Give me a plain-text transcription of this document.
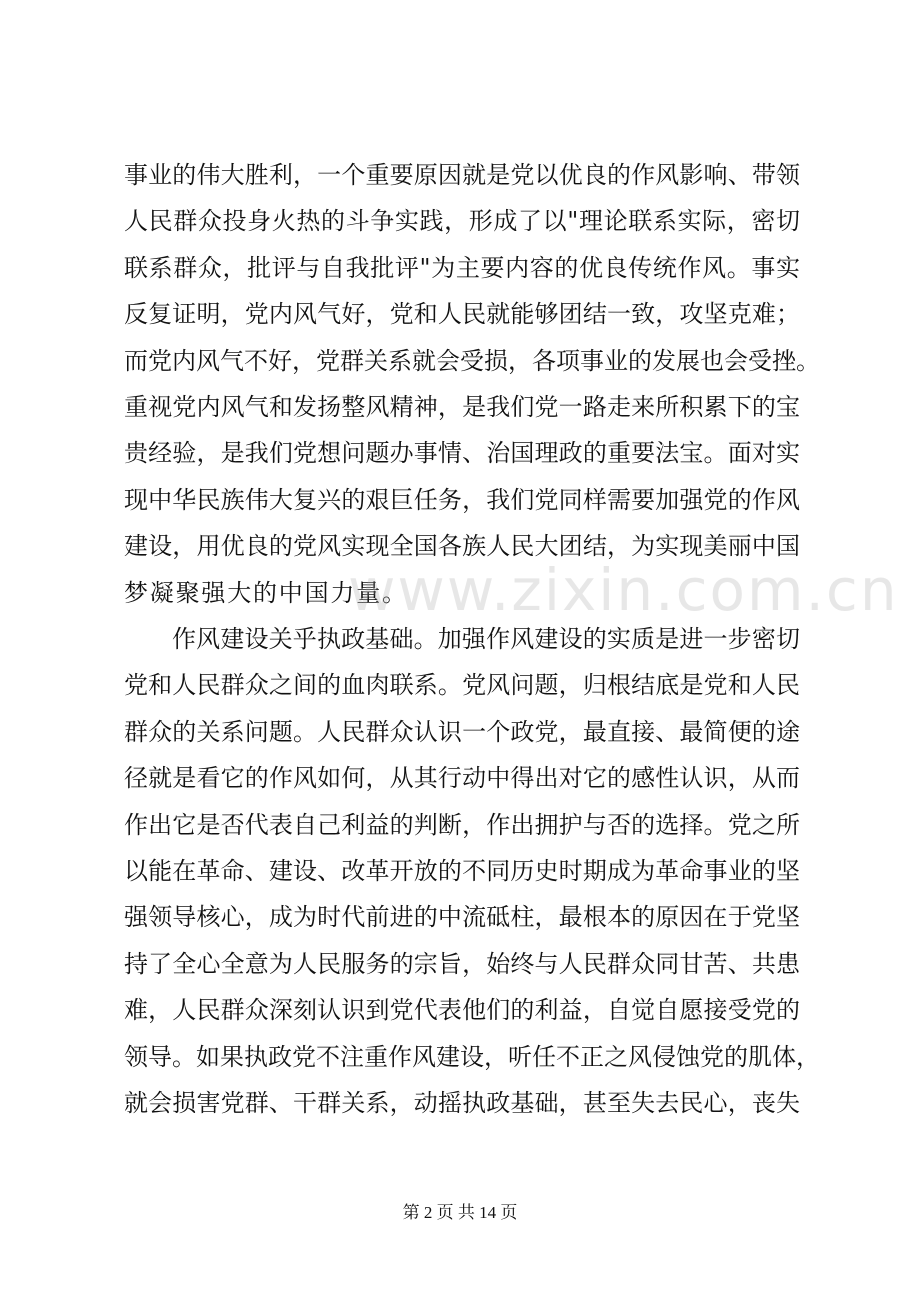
事业的伟大胜利，一个重要原因就是党以优良的作风影响、带领
人民群众投身火热的斗争实践，形成了以"理论联系实际，密切
联系群众，批评与自我批评"为主要内容的优良传统作风。事实
反复证明，党内风气好，党和人民就能够团结一致，攻坚克难；
而党内风气不好，党群关系就会受损，各项事业的发展也会受挫。
重视党内风气和发扬整风精神，是我们党一路走来所积累下的宝
贵经验，是我们党想问题办事情、治国理政的重要法宝。面对实
现中华民族伟大复兴的艰巨任务，我们党同样需要加强党的作风
建设，用优良的党风实现全国各族人民大团结，为实现美丽中国
梦凝聚强大的中国力量。
作风建设关乎执政基础。加强作风建设的实质是进一步密切
党和人民群众之间的血肉联系。党风问题，归根结底是党和人民
群众的关系问题。人民群众认识一个政党，最直接、最简便的途
径就是看它的作风如何，从其行动中得出对它的感性认识，从而
作出它是否代表自己利益的判断，作出拥护与否的选择。党之所
以能在革命、建设、改革开放的不同历史时期成为革命事业的坚
强领导核心，成为时代前进的中流砥柱，最根本的原因在于党坚
持了全心全意为人民服务的宗旨，始终与人民群众同甘苦、共患
难，人民群众深刻认识到党代表他们的利益，自觉自愿接受党的
领导。如果执政党不注重作风建设，听任不正之风侵蚀党的肌体，
就会损害党群、干群关系，动摇执政基础，甚至失去民心，丧失
www.zixin.com.cn
第 2 页 共 14 页
